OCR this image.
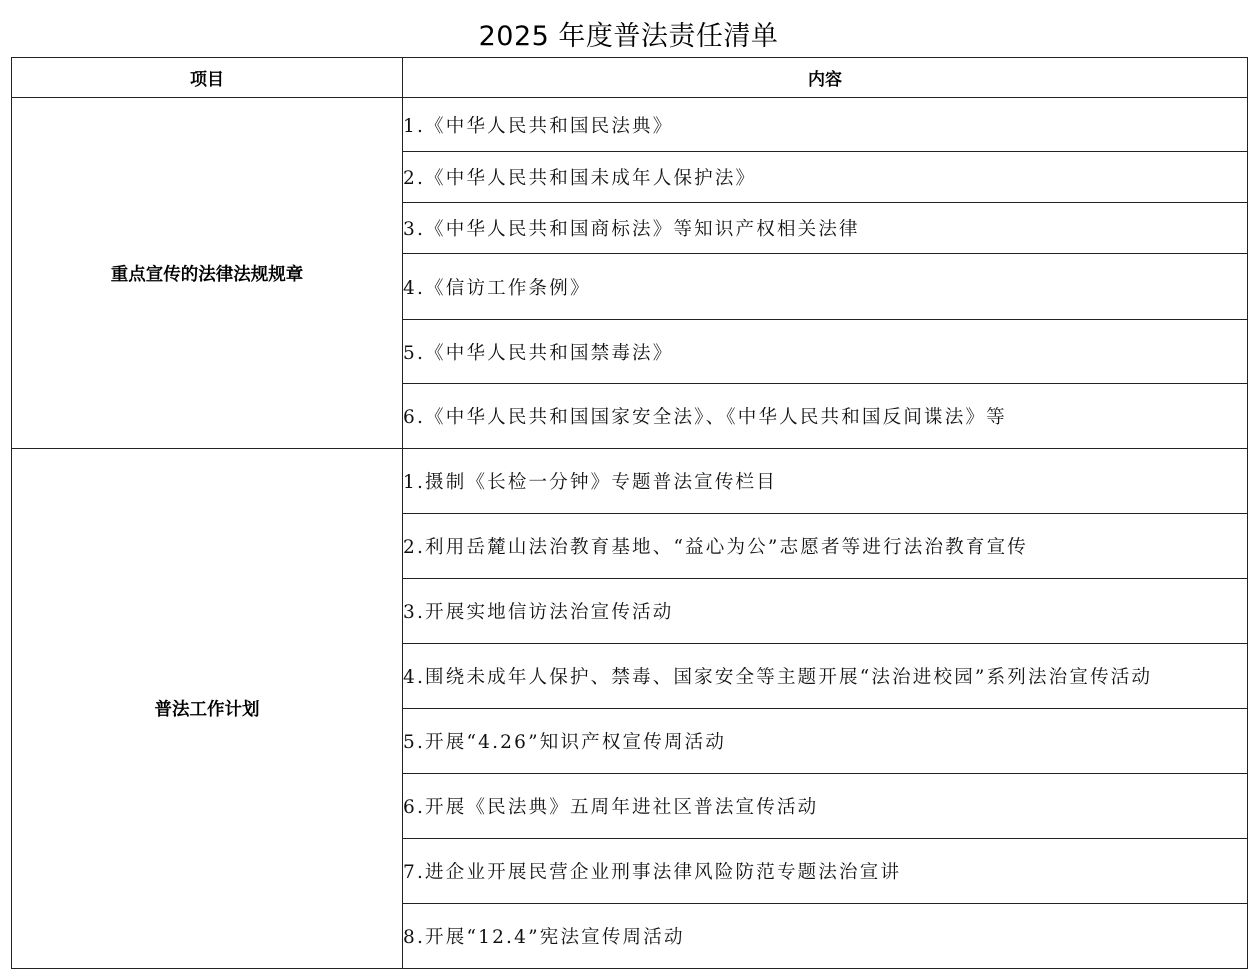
2025 年度普法责任清单
项目	内容
重点宣传的法律法规规章	1.《中华人民共和国民法典》
	2.《中华人民共和国未成年人保护法》
	3.《中华人民共和国商标法》等知识产权相关法律
	4.《信访工作条例》
	5.《中华人民共和国禁毒法》
	6.《中华人民共和国国家安全法》、《中华人民共和国反间谍法》等
普法工作计划	1.摄制《长检一分钟》专题普法宣传栏目
	2.利用岳麓山法治教育基地、“益心为公”志愿者等进行法治教育宣传
	3.开展实地信访法治宣传活动
	4.围绕未成年人保护、禁毒、国家安全等主题开展“法治进校园”系列法治宣传活动
	5.开展“4.26”知识产权宣传周活动
	6.开展《民法典》五周年进社区普法宣传活动
	7.进企业开展民营企业刑事法律风险防范专题法治宣讲
	8.开展“12.4”宪法宣传周活动
